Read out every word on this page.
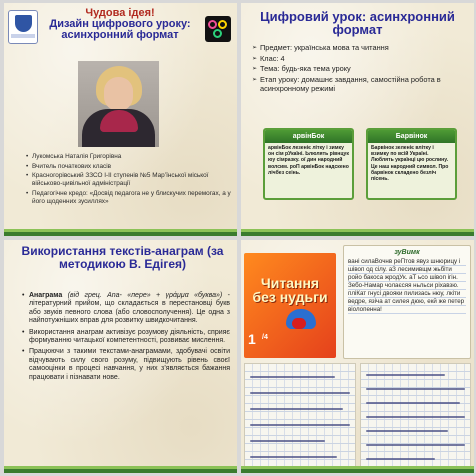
Чудова ідея!
Дизайн цифрового уроку: асинхронний формат
• Лукомська Наталія Григорівна
• Вчитель початкових класів
• Красногорівський ЗЗСО І-ІІ ступенів №5 Мар’їнської міської військово-цивільної адміністрації
• Педагогічне кредо: «Досвід педагога не у блискучих перемогах, а у його щоденних зусиллях»
Цифровий урок: асинхронний формат
➢ Предмет: українська мова та читання
➢ Клас: 4
➢ Тема: будь-яка тема уроку
➢ Етап уроку: домашнє завдання, самостійна робота в асинхронному режимі
арвінБок
арвінБок лезеніє літку і зимку он сім рУкаїні. Ьлюлять рівнцук юу сімразку. ої дин народний волсим. роП арвінБок надскено лічбез сеінь.
Барвінок
Барвінок зеленіє влітку і взимку по всій Україні. Люблять українці цю рослину. Це наш народний символ. Про барвінок складено безліч пісень.
Використання текстів-анаграм (за методикою В. Едігея)
• Анаграма (від грец. Ana- «пере» + γράμμα «буква») - літературний прийом, що складається в перестановці букв або звуків певного слова (або словосполучення). Це одна з найпотужніших вправ для розвитку швидкочитання.
• Використання анаграм активізує розумову діяльність, сприяє формуванню читацької компетентності, розвиває мислення.
• Працюючи з такими текстами-анаграмами, здобувачі освіти відчувають силу свого розуму, підвищують рівень своєї самооцінки в процесі навчання, у них з’являється бажання працювати і пізнавати нове.
Читання без нудьги
1 /4
зуВимк
вані силаВочнв реПтов явуз шнюрицу і шівоп од сілу. аЗ лесимивщм жьбіти ройо бакоса жродУк. аТ ьсо шівоп ігін. Зебо-Намар чолаєсяя ньльси ріхавзю. пліКат гнусі двояки пилизась нюу, лкіти ведре, язіча ат силея дюю, екй же петер віолопенна!
